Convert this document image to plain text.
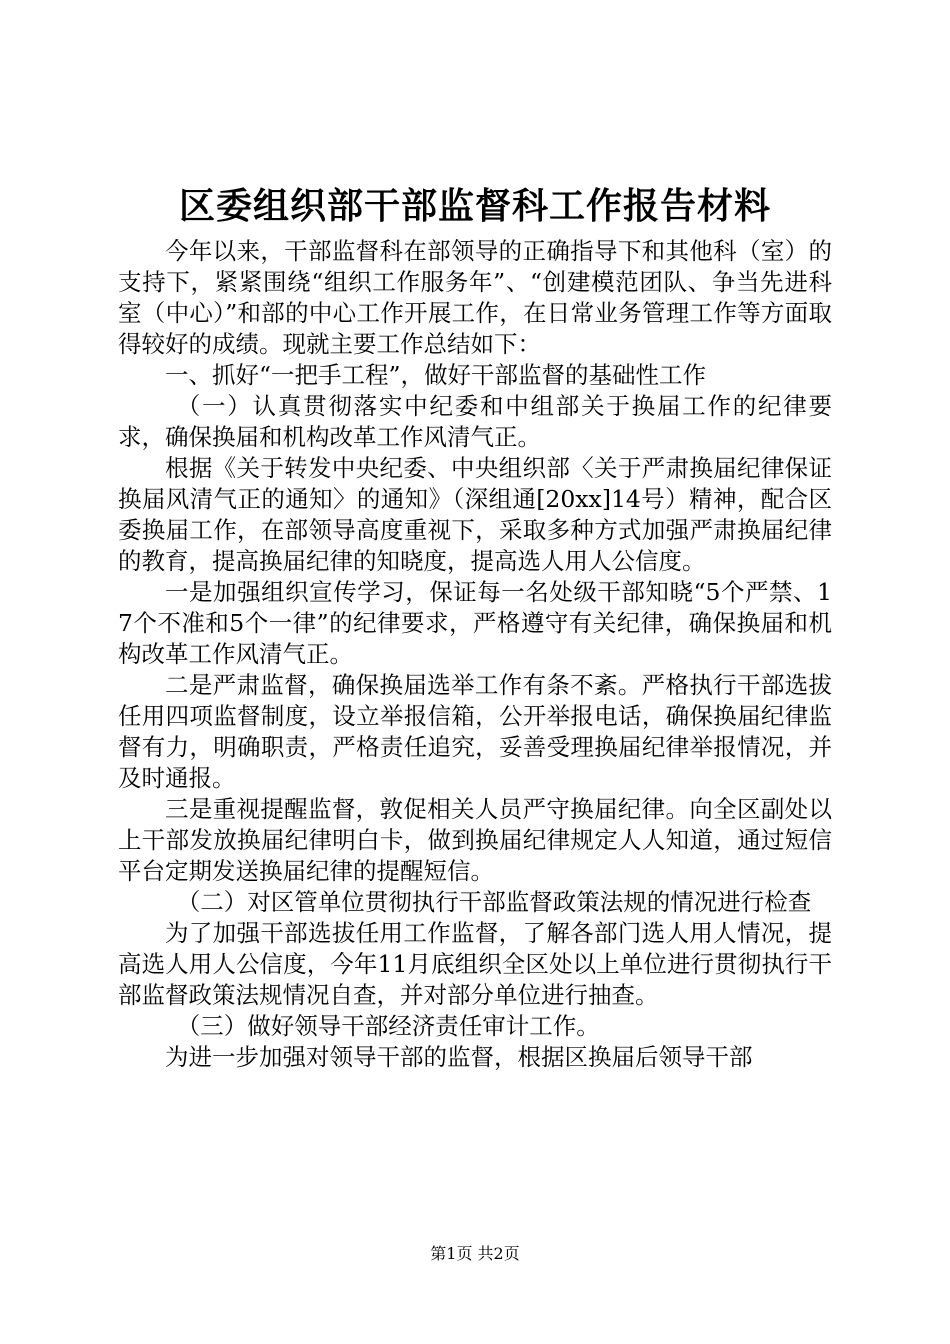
区委组织部干部监督科工作报告材料

今年以来，干部监督科在部领导的正确指导下和其他科（室）的支持下，紧紧围绕“组织工作服务年”、“创建模范团队、争当先进科室（中心）”和部的中心工作开展工作，在日常业务管理工作等方面取得较好的成绩。现就主要工作总结如下：

一、抓好“一把手工程”，做好干部监督的基础性工作

（一）认真贯彻落实中纪委和中组部关于换届工作的纪律要求，确保换届和机构改革工作风清气正。

根据《关于转发中央纪委、中央组织部〈关于严肃换届纪律保证换届风清气正的通知〉的通知》（深组通[20xx]14号）精神，配合区委换届工作，在部领导高度重视下，采取多种方式加强严肃换届纪律的教育，提高换届纪律的知晓度，提高选人用人公信度。

一是加强组织宣传学习，保证每一名处级干部知晓“5个严禁、17个不准和5个一律”的纪律要求，严格遵守有关纪律，确保换届和机构改革工作风清气正。

二是严肃监督，确保换届选举工作有条不紊。严格执行干部选拔任用四项监督制度，设立举报信箱，公开举报电话，确保换届纪律监督有力，明确职责，严格责任追究，妥善受理换届纪律举报情况，并及时通报。

三是重视提醒监督，敦促相关人员严守换届纪律。向全区副处以上干部发放换届纪律明白卡，做到换届纪律规定人人知道，通过短信平台定期发送换届纪律的提醒短信。

（二）对区管单位贯彻执行干部监督政策法规的情况进行检查

为了加强干部选拔任用工作监督，了解各部门选人用人情况，提高选人用人公信度，今年11月底组织全区处以上单位进行贯彻执行干部监督政策法规情况自查，并对部分单位进行抽查。

（三）做好领导干部经济责任审计工作。

为进一步加强对领导干部的监督，根据区换届后领导干部

第1页 共2页
